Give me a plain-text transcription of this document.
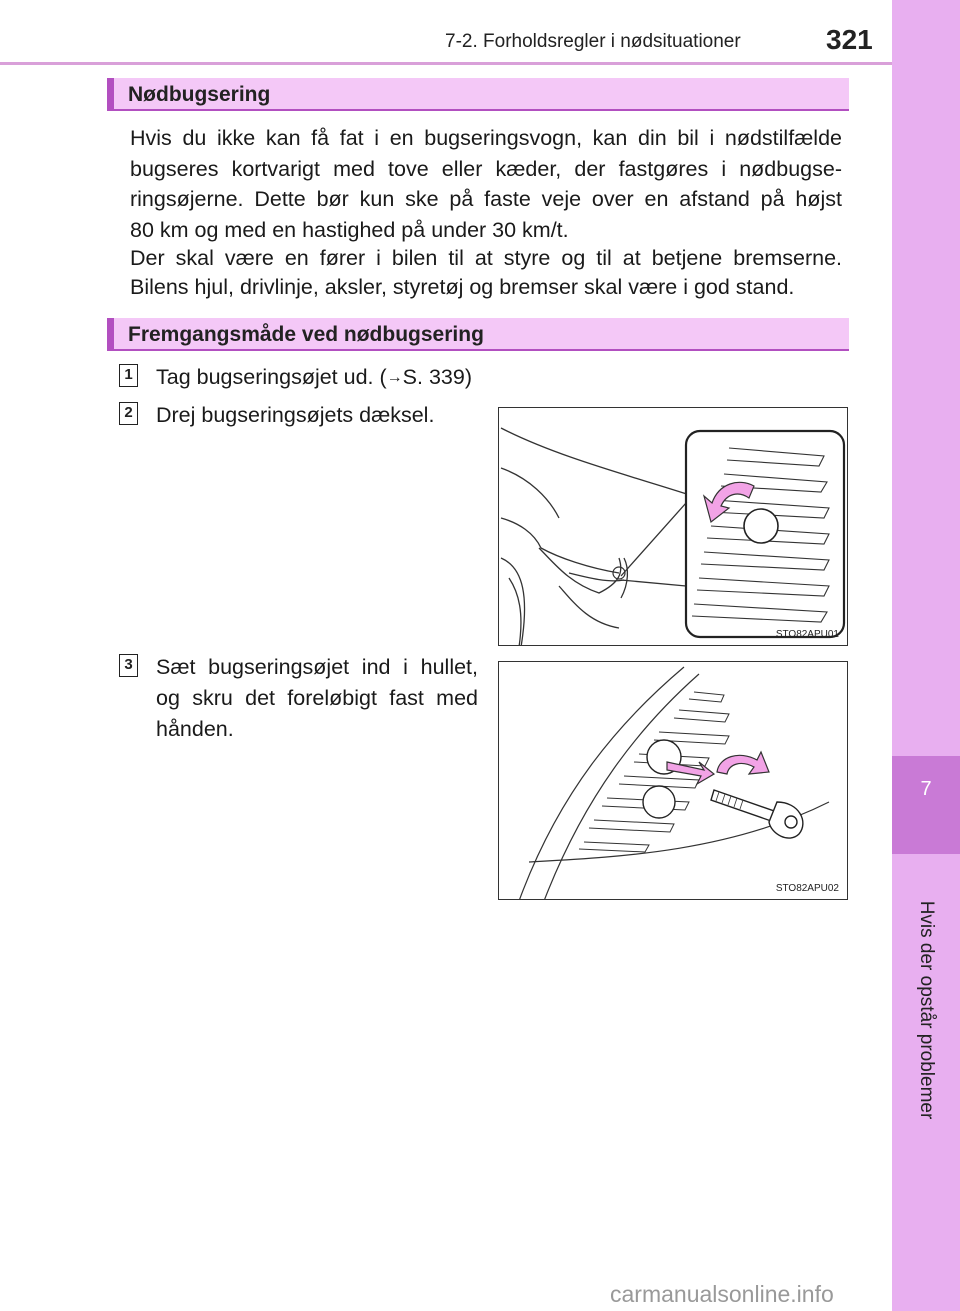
7-2. Forholdsregler i nødsituationer	321
7
Hvis der opstår problemer
Nødbugsering
Hvis du ikke kan få fat i en bugseringsvogn, kan din bil i nødstilfælde
bugseres kortvarigt med tove eller kæder, der fastgøres i nødbugse-
ringsøjerne. Dette bør kun ske på faste veje over en afstand på højst
80 km og med en hastighed på under 30 km/t.
Der skal være en fører i bilen til at styre og til at betjene bremserne.
Bilens hjul, drivlinje, aksler, styretøj og bremser skal være i god stand.
Fremgangsmåde ved nødbugsering
1 Tag bugseringsøjet ud. (→S. 339)
2 Drej bugseringsøjets dæksel.
STO82APU01
3 Sæt bugseringsøjet ind i hullet,
og skru det foreløbigt fast med
hånden.
STO82APU02
carmanualsonline.info
